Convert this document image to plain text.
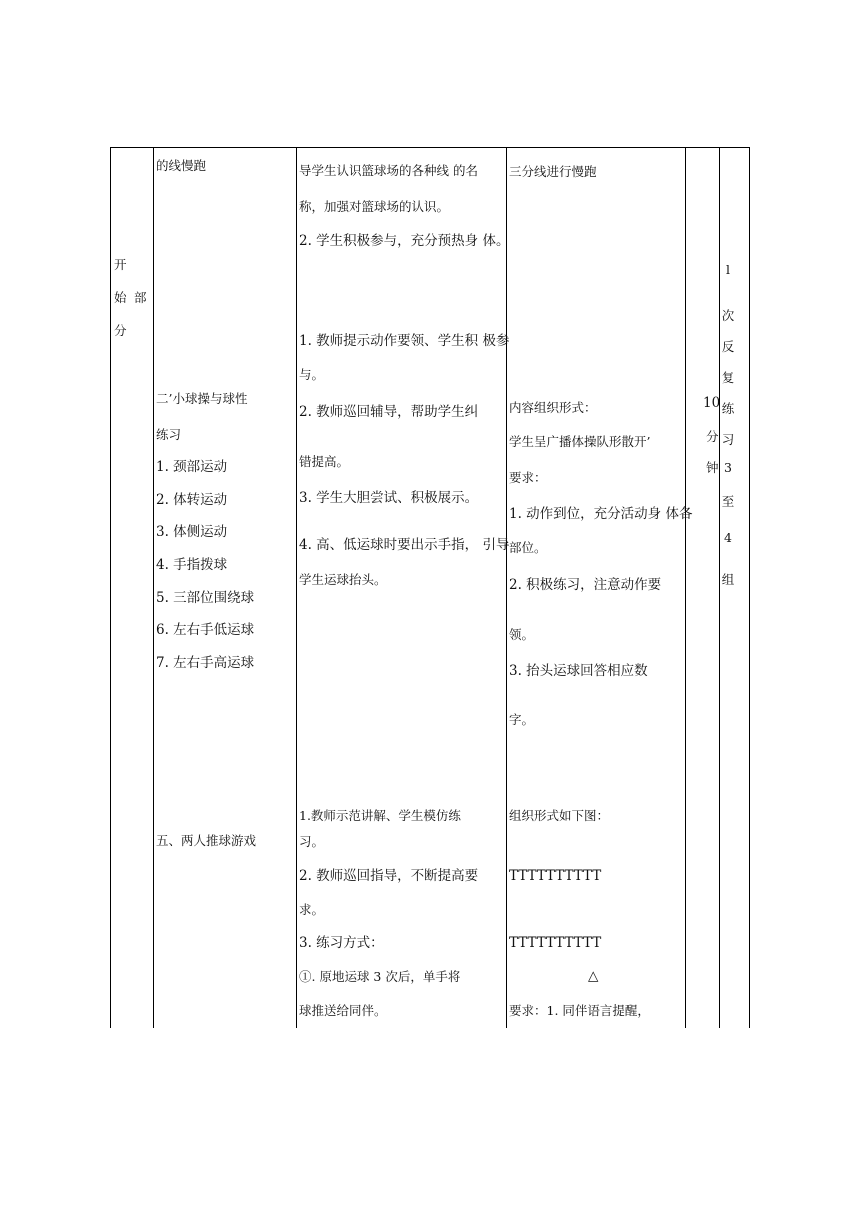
开
始 部
分
的线慢跑
二’小球操与球性
练习
1. 颈部运动
2. 体转运动
3. 体侧运动
4. 手指拨球
5. 三部位围绕球
6. 左右手低运球
7. 左右手高运球
五、两人推球游戏
导学生认识篮球场的各种线 的名
称，加强对篮球场的认识。
2. 学生积极参与，充分预热身 体。
1. 教师提示动作要领、学生积 极参
与。
2. 教师巡回辅导，帮助学生纠
错提高。
3. 学生大胆尝试、积极展示。
4. 高、低运球时要出示手指， 引导
学生运球抬头。
1.教师示范讲解、学生模仿练
习。
2. 教师巡回指导，不断提高要
求。
3. 练习方式：
①. 原地运球 3 次后，单手将
球推送给同伴。
三分线进行慢跑
内容组织形式：
学生呈广播体操队形散开’
要求：
1. 动作到位，充分活动身 体各
部位。
2. 积极练习，注意动作要
领。
3. 抬头运球回答相应数
字。
组织形式如下图：
TTTTTTTTTT
TTTTTTTTTT
△
要求：1. 同伴语言提醒，
10
分
钟
l
次
反
复
练
习
3
至
4
组
